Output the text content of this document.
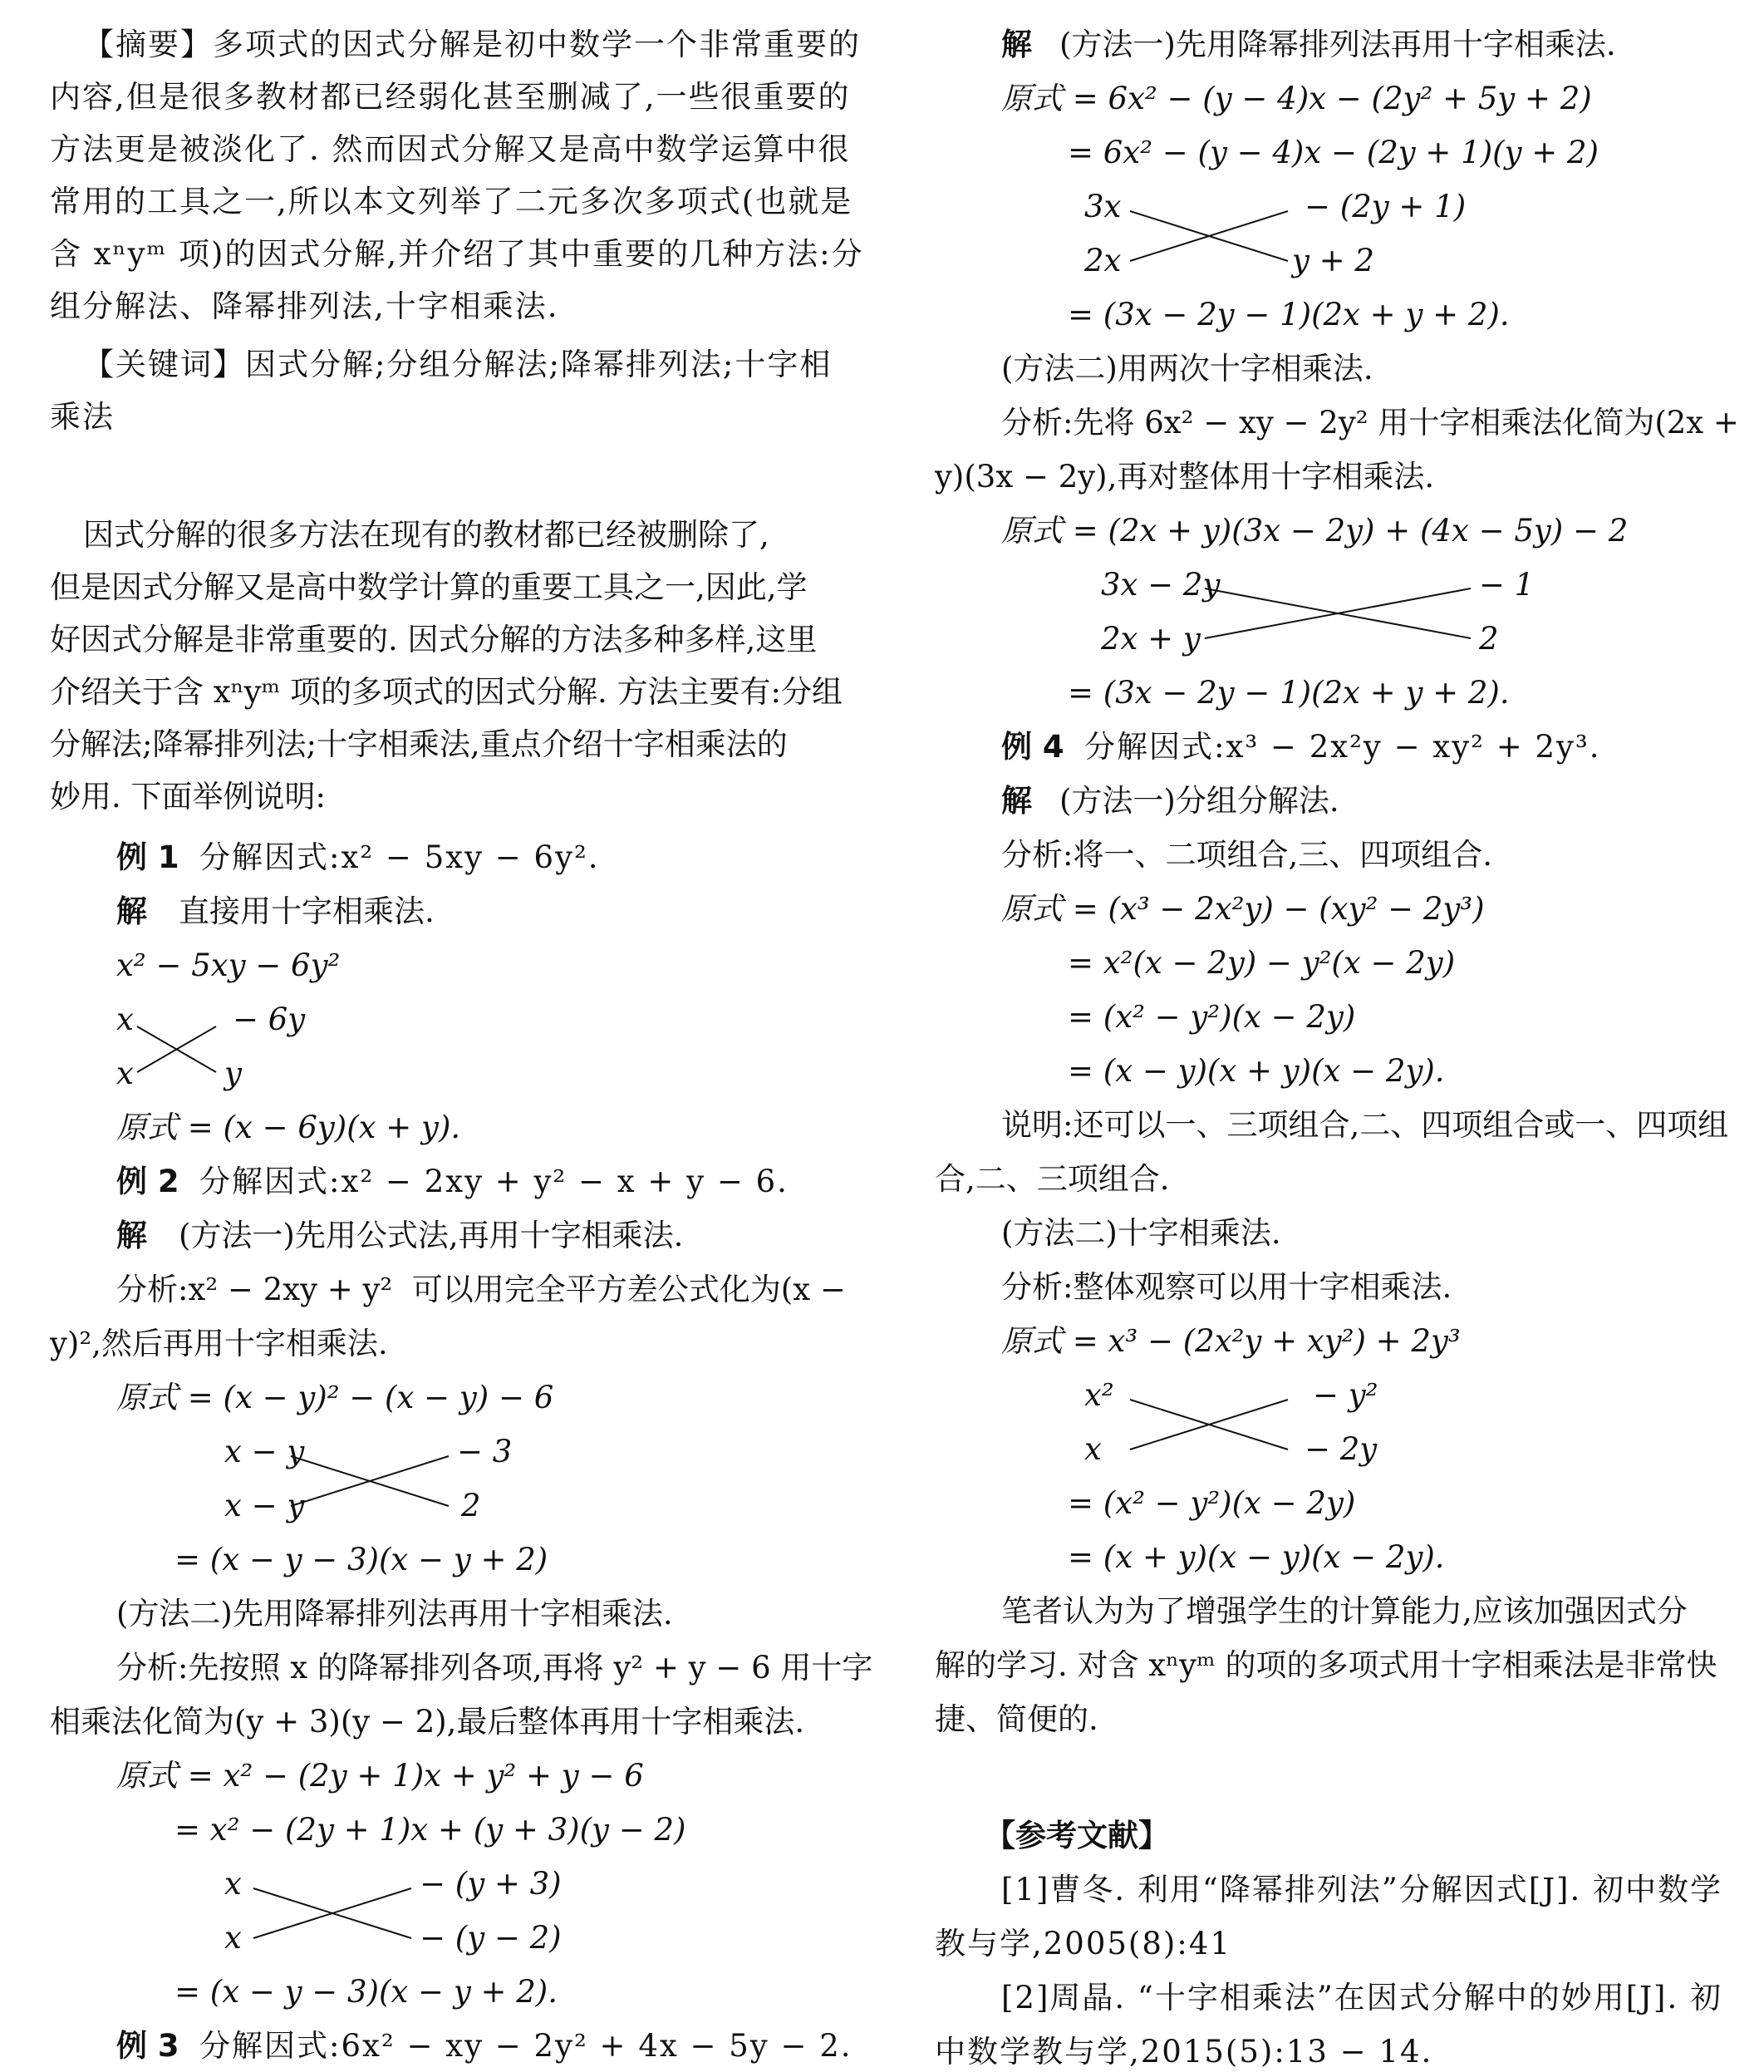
【摘要】多项式的因式分解是初中数学一个非常重要的
内容,但是很多教材都已经弱化甚至删减了,一些很重要的
方法更是被淡化了. 然而因式分解又是高中数学运算中很
常用的工具之一,所以本文列举了二元多次多项式(也就是
含 xⁿyᵐ 项)的因式分解,并介绍了其中重要的几种方法:分
组分解法、降幂排列法,十字相乘法.
【关键词】因式分解;分组分解法;降幂排列法;十字相
乘法
因式分解的很多方法在现有的教材都已经被删除了,
但是因式分解又是高中数学计算的重要工具之一,因此,学
好因式分解是非常重要的. 因式分解的方法多种多样,这里
介绍关于含 xⁿyᵐ 项的多项式的因式分解. 方法主要有:分组
分解法;降幂排列法;十字相乘法,重点介绍十字相乘法的
妙用. 下面举例说明:
例 1 分解因式:x² − 5xy − 6y².
解 直接用十字相乘法.
x² − 5xy − 6y²
x	− 6y
x	y
原式 = (x − 6y)(x + y).
例 2 分解因式:x² − 2xy + y² − x + y − 6.
解 (方法一)先用公式法,再用十字相乘法.
分析:x² − 2xy + y²  可以用完全平方差公式化为(x −
y)²,然后再用十字相乘法.
原式 = (x − y)² − (x − y) − 6
x − y	− 3
x − y	2
= (x − y − 3)(x − y + 2)
(方法二)先用降幂排列法再用十字相乘法.
分析:先按照 x 的降幂排列各项,再将 y² + y − 6 用十字
相乘法化简为(y + 3)(y − 2),最后整体再用十字相乘法.
原式 = x² − (2y + 1)x + y² + y − 6
= x² − (2y + 1)x + (y + 3)(y − 2)
x	− (y + 3)
x	− (y − 2)
= (x − y − 3)(x − y + 2).
例 3 分解因式:6x² − xy − 2y² + 4x − 5y − 2.
解 (方法一)先用降幂排列法再用十字相乘法.
原式 = 6x² − (y − 4)x − (2y² + 5y + 2)
= 6x² − (y − 4)x − (2y + 1)(y + 2)
3x	− (2y + 1)
2x	y + 2
= (3x − 2y − 1)(2x + y + 2).
(方法二)用两次十字相乘法.
分析:先将 6x² − xy − 2y² 用十字相乘法化简为(2x +
y)(3x − 2y),再对整体用十字相乘法.
原式 = (2x + y)(3x − 2y) + (4x − 5y) − 2
3x − 2y	− 1
2x + y	2
= (3x − 2y − 1)(2x + y + 2).
例 4 分解因式:x³ − 2x²y − xy² + 2y³.
解 (方法一)分组分解法.
分析:将一、二项组合,三、四项组合.
原式 = (x³ − 2x²y) − (xy² − 2y³)
= x²(x − 2y) − y²(x − 2y)
= (x² − y²)(x − 2y)
= (x − y)(x + y)(x − 2y).
说明:还可以一、三项组合,二、四项组合或一、四项组
合,二、三项组合.
(方法二)十字相乘法.
分析:整体观察可以用十字相乘法.
原式 = x³ − (2x²y + xy²) + 2y³
x²	− y²
x	− 2y
= (x² − y²)(x − 2y)
= (x + y)(x − y)(x − 2y).
笔者认为为了增强学生的计算能力,应该加强因式分
解的学习. 对含 xⁿyᵐ 的项的多项式用十字相乘法是非常快
捷、简便的.
【参考文献】
[1]曹冬. 利用“降幂排列法”分解因式[J]. 初中数学
教与学,2005(8):41
[2]周晶. “十字相乘法”在因式分解中的妙用[J]. 初
中数学教与学,2015(5):13 − 14.
